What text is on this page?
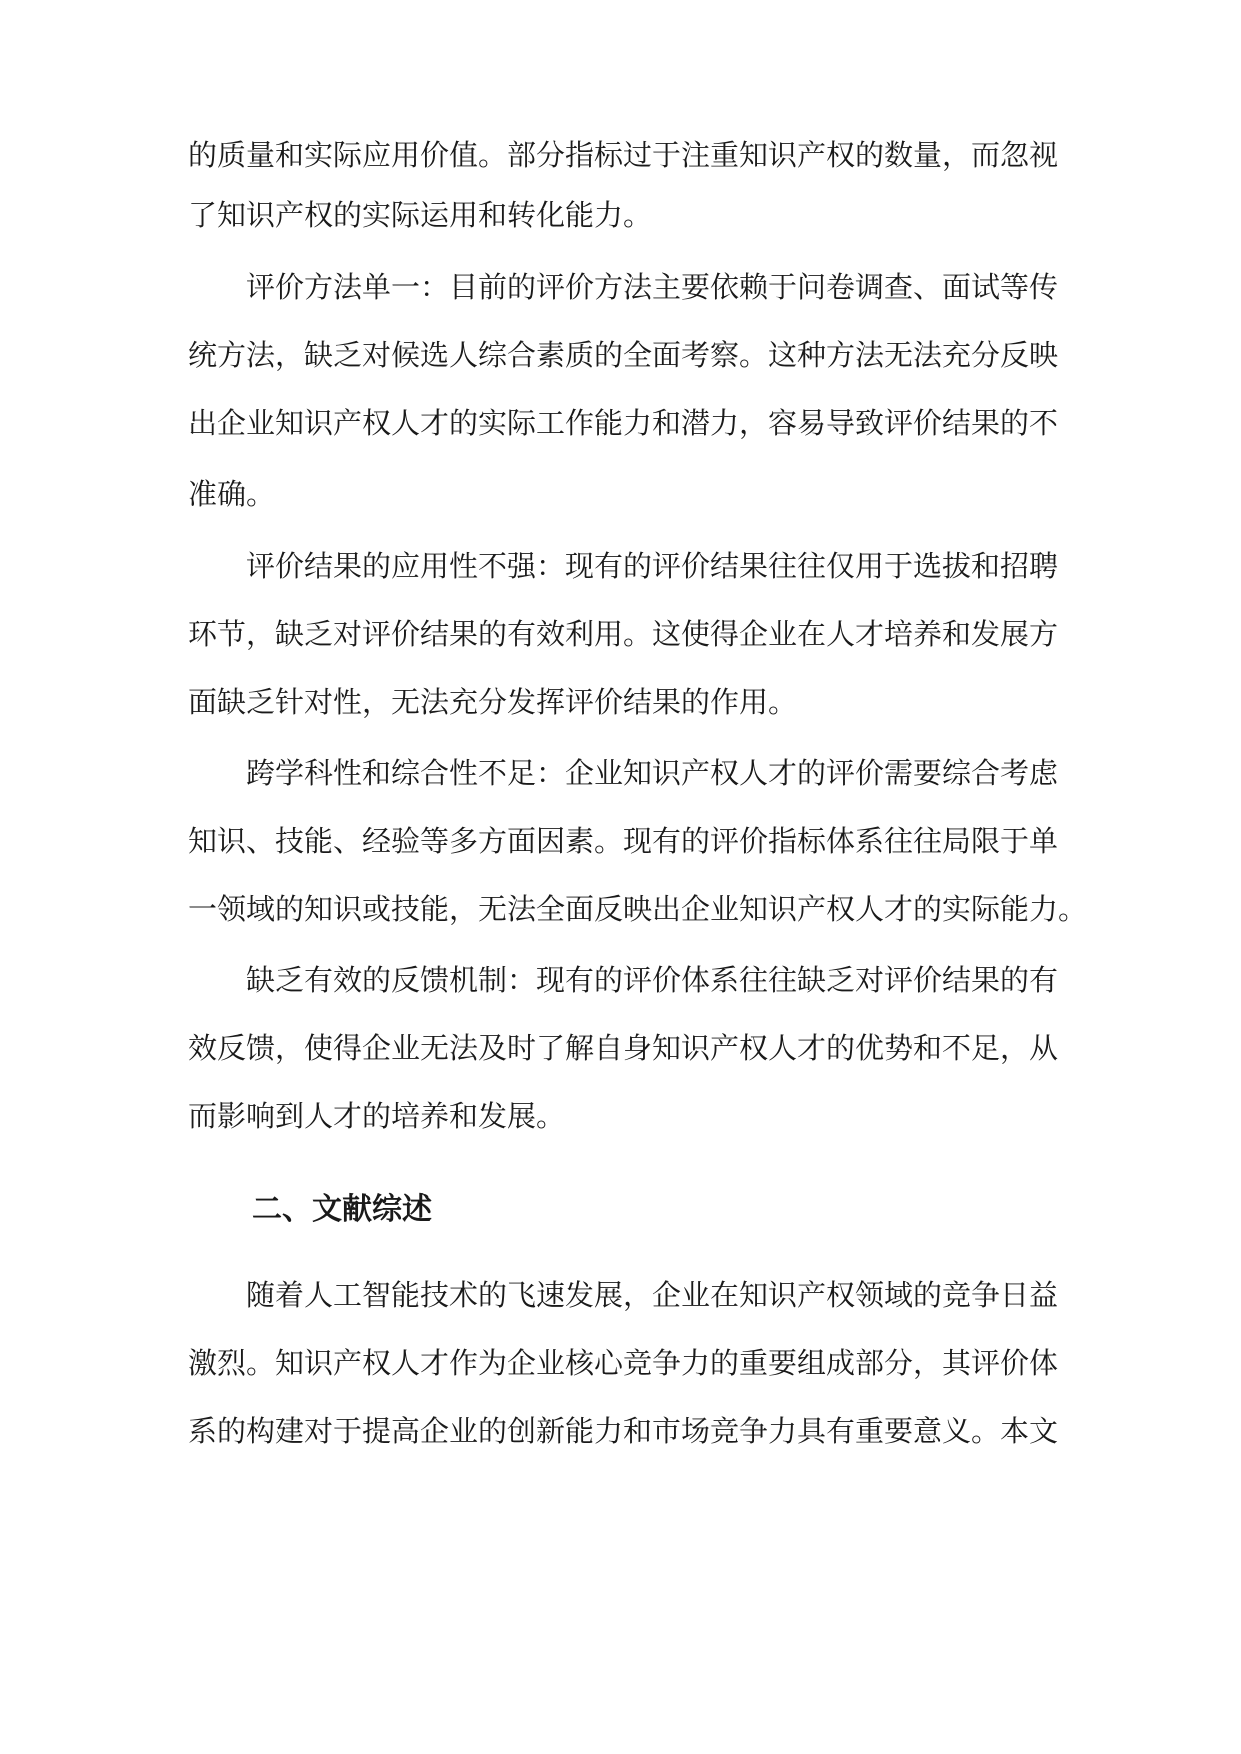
的质量和实际应用价值。部分指标过于注重知识产权的数量，而忽视
了知识产权的实际运用和转化能力。
评价方法单一：目前的评价方法主要依赖于问卷调查、面试等传
统方法，缺乏对候选人综合素质的全面考察。这种方法无法充分反映
出企业知识产权人才的实际工作能力和潜力，容易导致评价结果的不
准确。
评价结果的应用性不强：现有的评价结果往往仅用于选拔和招聘
环节，缺乏对评价结果的有效利用。这使得企业在人才培养和发展方
面缺乏针对性，无法充分发挥评价结果的作用。
跨学科性和综合性不足：企业知识产权人才的评价需要综合考虑
知识、技能、经验等多方面因素。现有的评价指标体系往往局限于单
一领域的知识或技能，无法全面反映出企业知识产权人才的实际能力。
缺乏有效的反馈机制：现有的评价体系往往缺乏对评价结果的有
效反馈，使得企业无法及时了解自身知识产权人才的优势和不足，从
而影响到人才的培养和发展。
二、文献综述
随着人工智能技术的飞速发展，企业在知识产权领域的竞争日益
激烈。知识产权人才作为企业核心竞争力的重要组成部分，其评价体
系的构建对于提高企业的创新能力和市场竞争力具有重要意义。本文
